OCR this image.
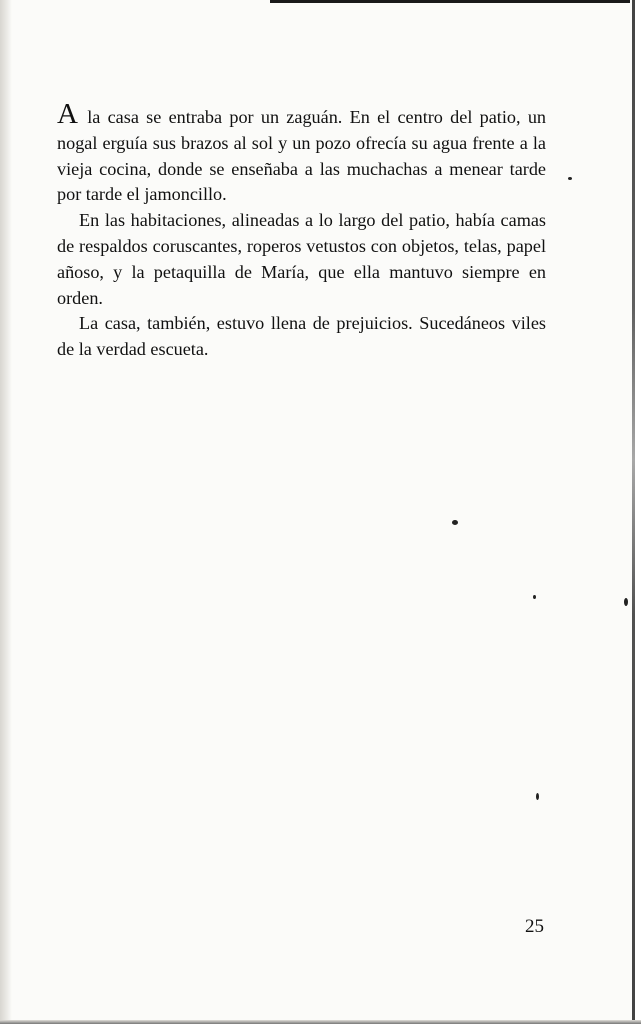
A la casa se entraba por un zaguán. En el centro del patio, un nogal erguía sus brazos al sol y un pozo ofrecía su agua frente a la vieja cocina, donde se enseñaba a las muchachas a menear tarde por tarde el jamoncillo.

En las habitaciones, alineadas a lo largo del patio, había camas de respaldos coruscantes, roperos vetustos con objetos, telas, papel añoso, y la petaquilla de María, que ella mantuvo siempre en orden.

La casa, también, estuvo llena de prejuicios. Sucedáneos viles de la verdad escueta.

25
